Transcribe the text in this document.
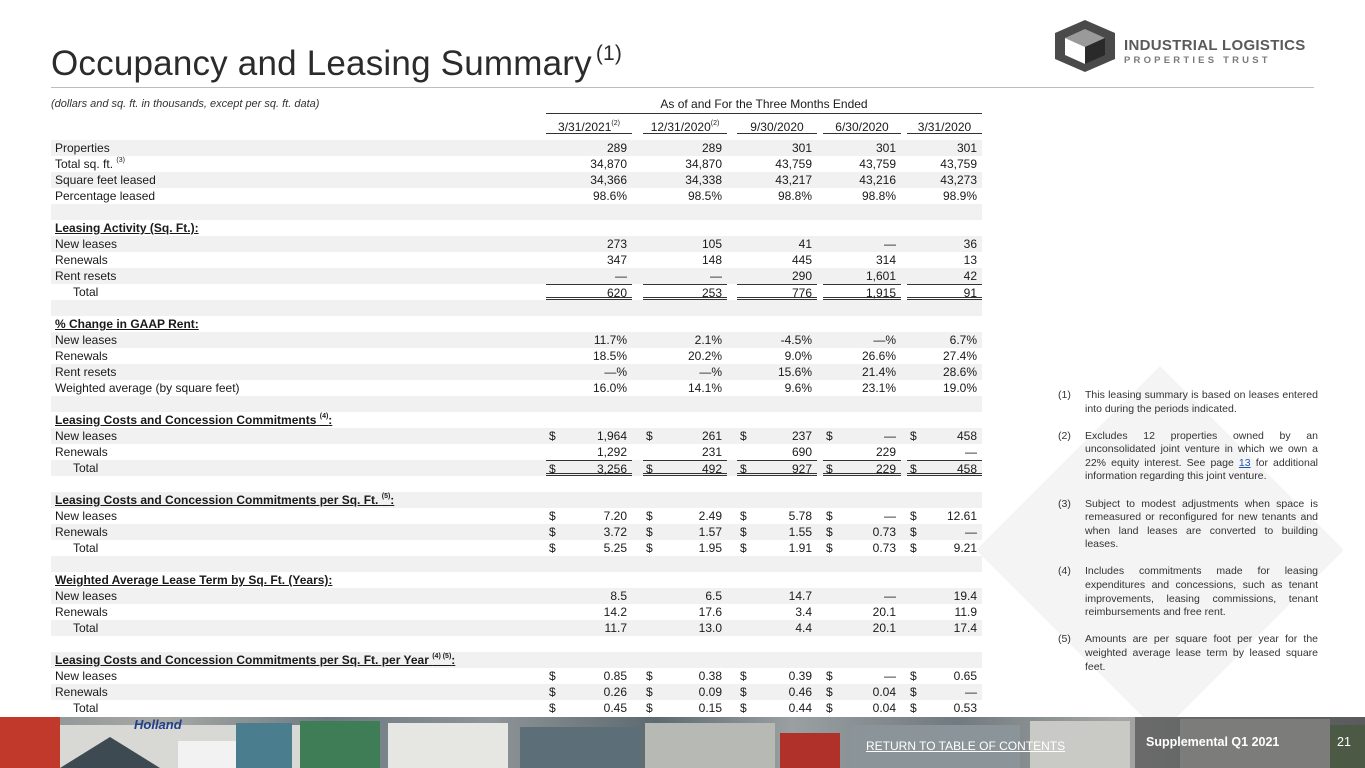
Occupancy and Leasing Summary $^{(1)}$	INDUSTRIAL LOGISTICS
PROPERTIES TRUST
(dollars and sq. ft. in thousands, except per sq. ft. data)	As of and For the Three Months Ended
3/31/2021$^{(2)}$	12/31/2020$^{(2)}$	9/30/2020	6/30/2020	3/31/2020
Properties	289	289	301	301	301
Total sq. ft. $^{(3)}$	34,870	34,870	43,759	43,759	43,759
Square feet leased	34,366	34,338	43,217	43,216	43,273
Percentage leased	98.6%	98.5%	98.8%	98.8%	98.9%
Leasing Activity (Sq. Ft.):
New leases	273	105	41	—	36
Renewals	347	148	445	314	13
Rent resets	—	—	290	1,601	42
Total	620	253	776	1,915	91
% Change in GAAP Rent:
New leases	11.7%	2.1%	-4.5%	—%	6.7%
Renewals	18.5%	20.2%	9.0%	26.6%	27.4%
Rent resets	—%	—%	15.6%	21.4%	28.6%
Weighted average (by square feet)	16.0%	14.1%	9.6%	23.1%	19.0%
Leasing Costs and Concession Commitments $^{(4)}$:
New leases	$	1,964 $	261 $	237 $	— $	458
Renewals	1,292	231	690	229	—
Total	$	3,256 $	492 $	927 $	229 $	458
Leasing Costs and Concession Commitments per Sq. Ft. $^{(5)}$:
New leases	$	7.20 $	2.49 $	5.78 $	— $	12.61
Renewals	$	3.72 $	1.57 $	1.55 $	0.73 $	—
Total	$	5.25 $	1.95 $	1.91 $	0.73 $	9.21
Weighted Average Lease Term by Sq. Ft. (Years):
New leases	8.5	6.5	14.7	—	19.4
Renewals	14.2	17.6	3.4	20.1	11.9
Total	11.7	13.0	4.4	20.1	17.4
Leasing Costs and Concession Commitments per Sq. Ft. per Year $^{(4) (5)}$:
New leases	$	0.85 $	0.38 $	0.39 $	— $	0.65
Renewals	$	0.26 $	0.09 $	0.46 $	0.04 $	—
Total	$	0.45 $	0.15 $	0.44 $	0.04 $	0.53
(1) This leasing summary is based on leases entered into during the periods indicated.
(2) Excludes 12 properties owned by an unconsolidated joint venture in which we own a 22% equity interest. See page 13 for additional information regarding this joint venture.
(3) Subject to modest adjustments when space is remeasured or reconfigured for new tenants and when land leases are converted to building leases.
(4) Includes commitments made for leasing expenditures and concessions, such as tenant improvements, leasing commissions, tenant reimbursements and free rent.
(5) Amounts are per square foot per year for the weighted average lease term by leased square feet.
Holland
RETURN TO TABLE OF CONTENTS	Supplemental Q1 2021	21
